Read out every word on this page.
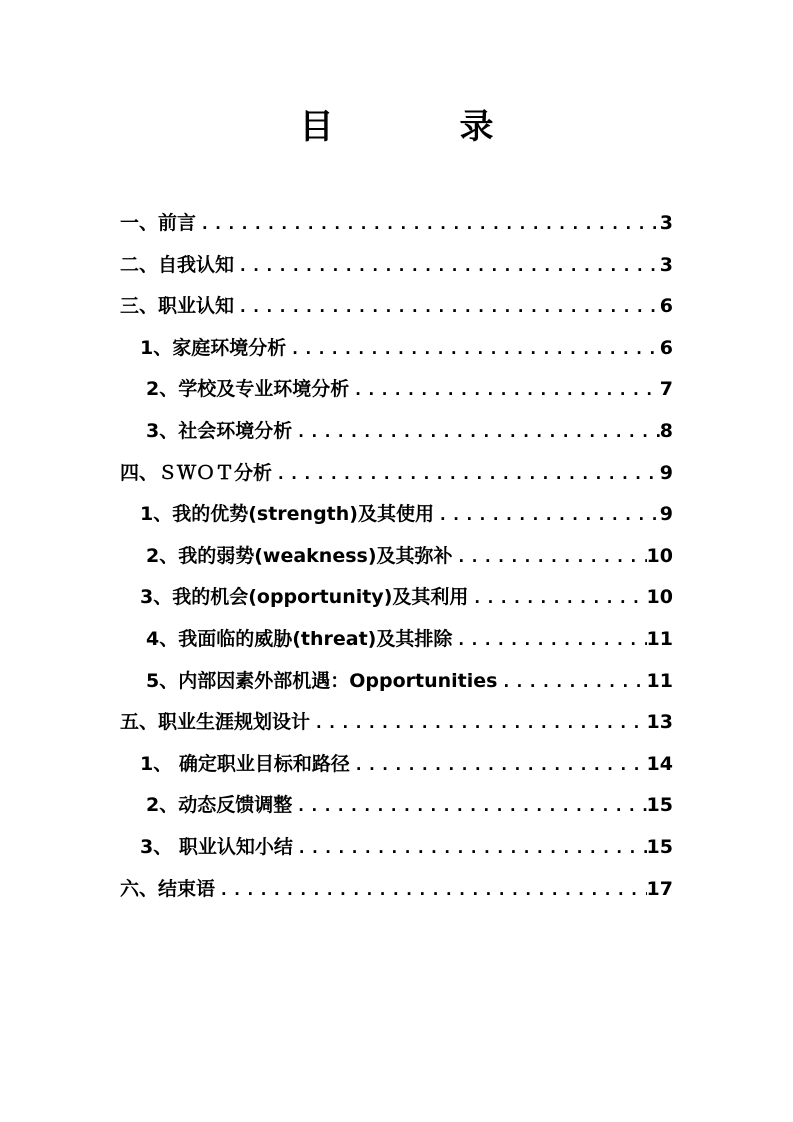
目　录
一、前言 .....	3
二、自我认知 .....	3
三、职业认知 .....	6
1、家庭环境分析 .....	6
2、学校及专业环境分析 .....	7
3、社会环境分析 .....	8
四、ＳＷＯＴ分析 .....	9
1、我的优势(strength)及其使用 .....	9
2、我的弱势(weakness)及其弥补 .....	10
3、我的机会(opportunity)及其利用 .....	10
4、我面临的威胁(threat)及其排除 .....	11
5、内部因素外部机遇：Opportunities .....	11
五、职业生涯规划设计 .....	13
1、 确定职业目标和路径 .....	14
2、动态反馈调整 .....	15
3、 职业认知小结 .....	15
六、结束语 .....	17
